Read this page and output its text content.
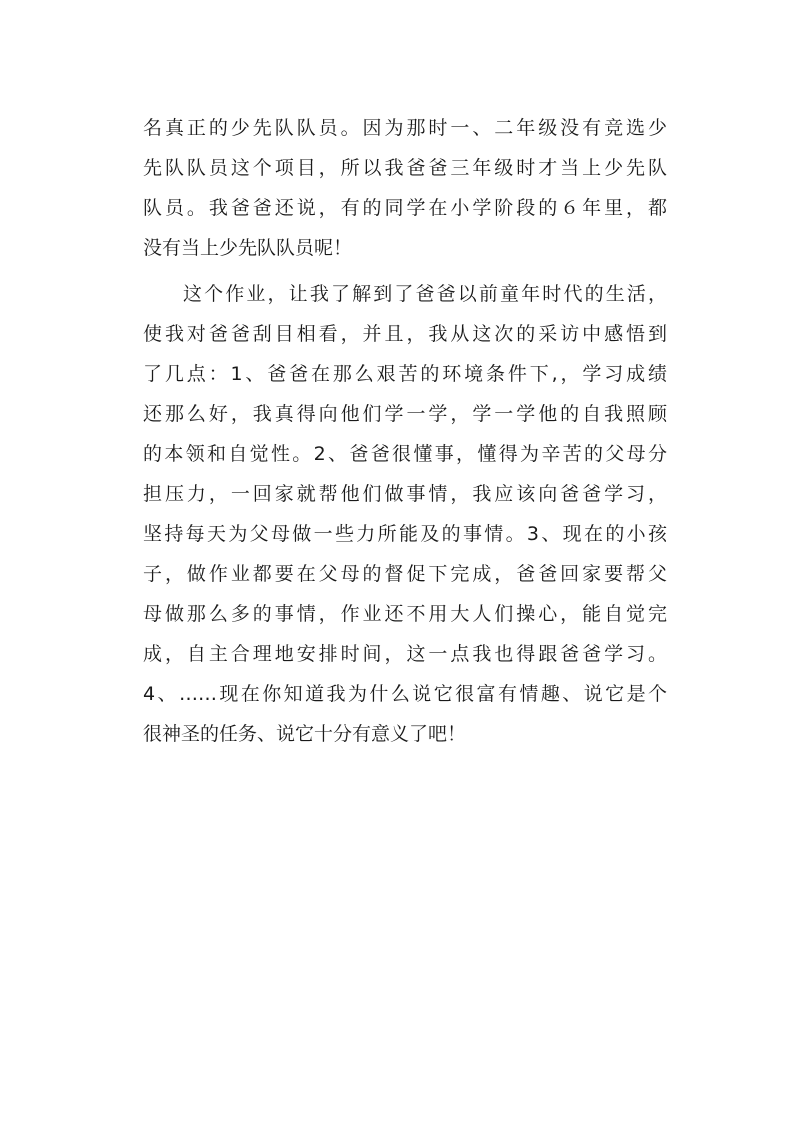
名真正的少先队队员。因为那时一、二年级没有竞选少
先队队员这个项目，所以我爸爸三年级时才当上少先队
队员。我爸爸还说，有的同学在小学阶段的６年里，都
没有当上少先队队员呢！
这个作业，让我了解到了爸爸以前童年时代的生活，
使我对爸爸刮目相看，并且，我从这次的采访中感悟到
了几点：1、爸爸在那么艰苦的环境条件下,，学习成绩
还那么好，我真得向他们学一学，学一学他的自我照顾
的本领和自觉性。2、爸爸很懂事，懂得为辛苦的父母分
担压力，一回家就帮他们做事情，我应该向爸爸学习，
坚持每天为父母做一些力所能及的事情。3、现在的小孩
子，做作业都要在父母的督促下完成，爸爸回家要帮父
母做那么多的事情，作业还不用大人们操心，能自觉完
成，自主合理地安排时间，这一点我也得跟爸爸学习。
4、……现在你知道我为什么说它很富有情趣、说它是个
很神圣的任务、说它十分有意义了吧！
